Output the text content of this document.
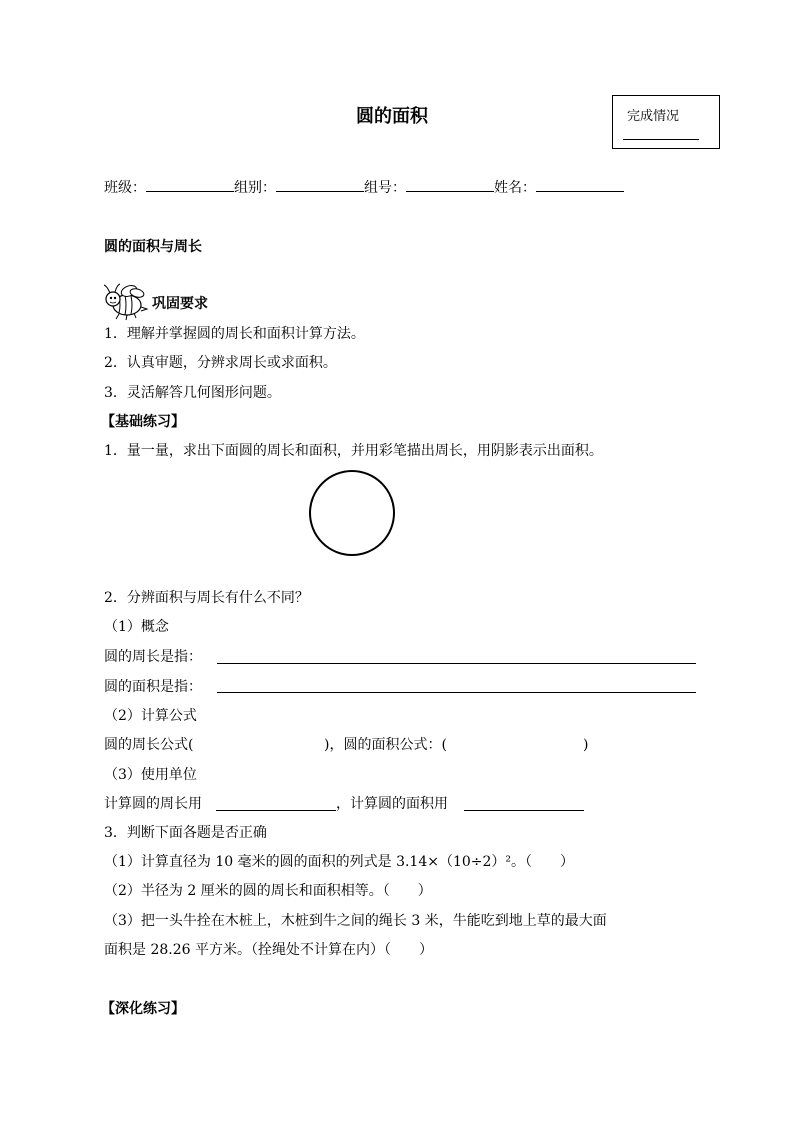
圆的面积	完成情况
班级：	组别：	组号：	姓名：
圆的面积与周长
巩固要求
1．理解并掌握圆的周长和面积计算方法。
2．认真审题，分辨求周长或求面积。
3．灵活解答几何图形问题。
【基础练习】
1．量一量，求出下面圆的周长和面积，并用彩笔描出周长，用阴影表示出面积。
2．分辨面积与周长有什么不同？
（1）概念
圆的周长是指：
圆的面积是指：
（2）计算公式
圆的周长公式(	)，圆的面积公式：(	)
（3）使用单位
计算圆的周长用	，计算圆的面积用
3．判断下面各题是否正确
（1）计算直径为 10 毫米的圆的面积的列式是 3.14×（10÷2）²。（　　）
（2）半径为 2 厘米的圆的周长和面积相等。（　　）
（3）把一头牛拴在木桩上，木桩到牛之间的绳长 3 米，牛能吃到地上草的最大面
面积是 28.26 平方米。（拴绳处不计算在内）（　　）
【深化练习】
